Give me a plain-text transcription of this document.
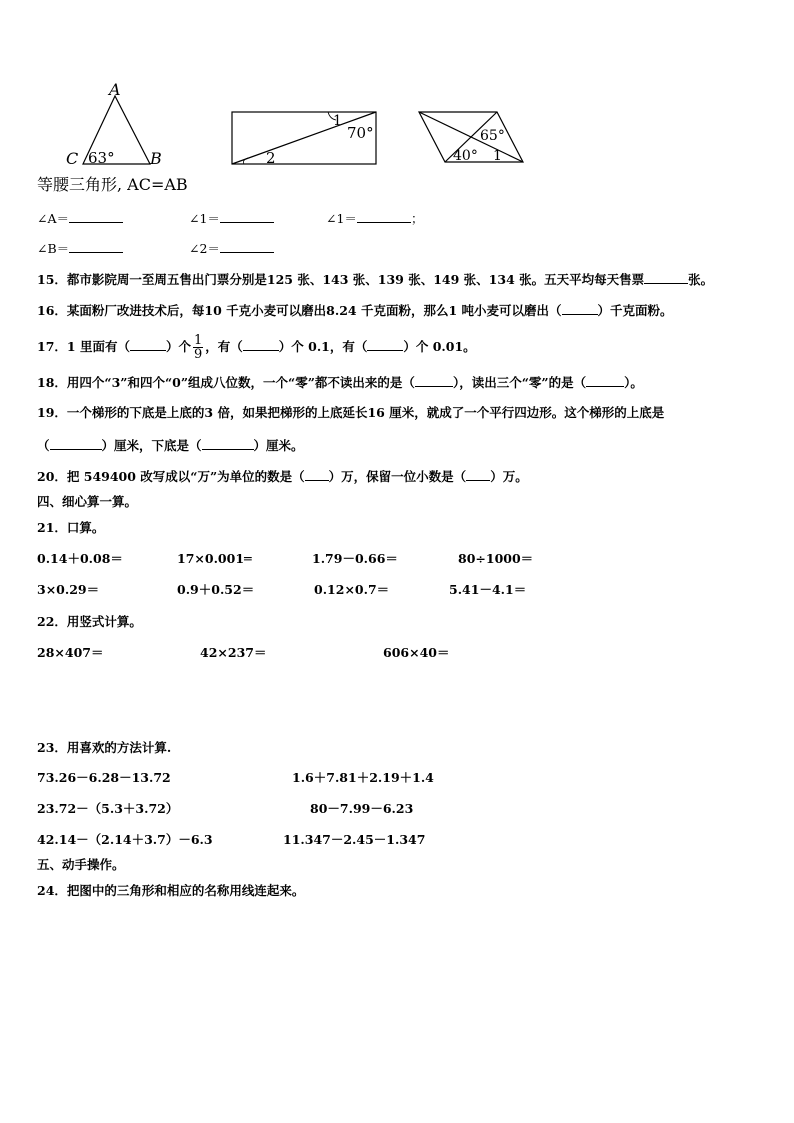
A
C 63° B
1
70°
2
65°
40° 1
等腰三角形, AC=AB
∠A＝	∠1＝	∠1＝	；
∠B＝	∠2＝
15．都市影院周一至周五售出门票分别是125 张、143 张、139 张、149 张、134 张。五天平均每天售票	张。
16．某面粉厂改进技术后，每10 千克小麦可以磨出8.24 千克面粉，那么1 吨小麦可以磨出（	）千克面粉。
17．1 里面有（	）个 $\frac{1}{9}$ ，有（	）个 0.1，有（	）个 0.01。
18．用四个“3”和四个“0”组成八位数，一个“零”都不读出来的是（	），读出三个“零”的是（	）。
19．一个梯形的下底是上底的3 倍，如果把梯形的上底延长16 厘米，就成了一个平行四边形。这个梯形的上底是
（	）厘米，下底是（	）厘米。
20．把 549400 改写成以“万”为单位的数是（ ）万，保留一位小数是（ ）万。
四、细心算一算。
21．口算。
0.14＋0.08＝	17×0.001═	1.79－0.66＝	80÷1000＝
3×0.29＝	0.9＋0.52＝	0.12×0.7＝	5.41－4.1＝
22．用竖式计算。
28×407＝	42×237＝	606×40＝
23．用喜欢的方法计算.
73.26－6.28－13.72	1.6＋7.81＋2.19＋1.4
23.72－（5.3＋3.72）	80－7.99－6.23
42.14－（2.14＋3.7）－6.3	11.347－2.45－1.347
五、动手操作。
24．把图中的三角形和相应的名称用线连起来。
